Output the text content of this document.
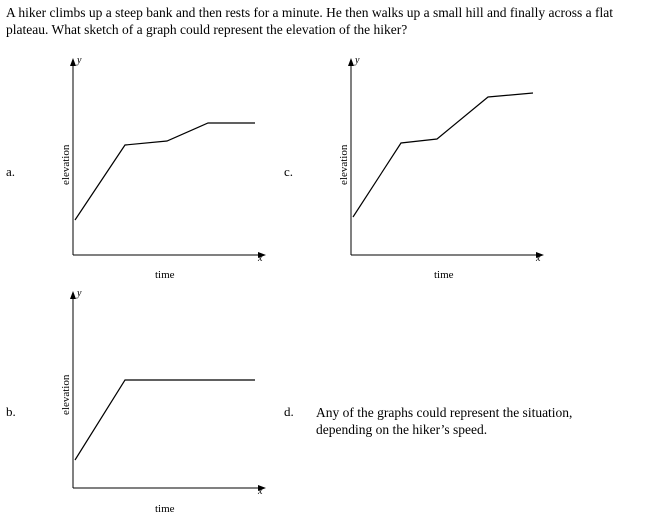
A hiker climbs up a steep bank and then rests for a minute. He then walks up a small hill and finally across a flat plateau. What sketch of a graph could represent the elevation of the hiker?
a.
y
x
elevation
time
c.
y
x
elevation
time
b.
y
x
elevation
time
d. Any of the graphs could represent the situation, depending on the hiker’s speed.
